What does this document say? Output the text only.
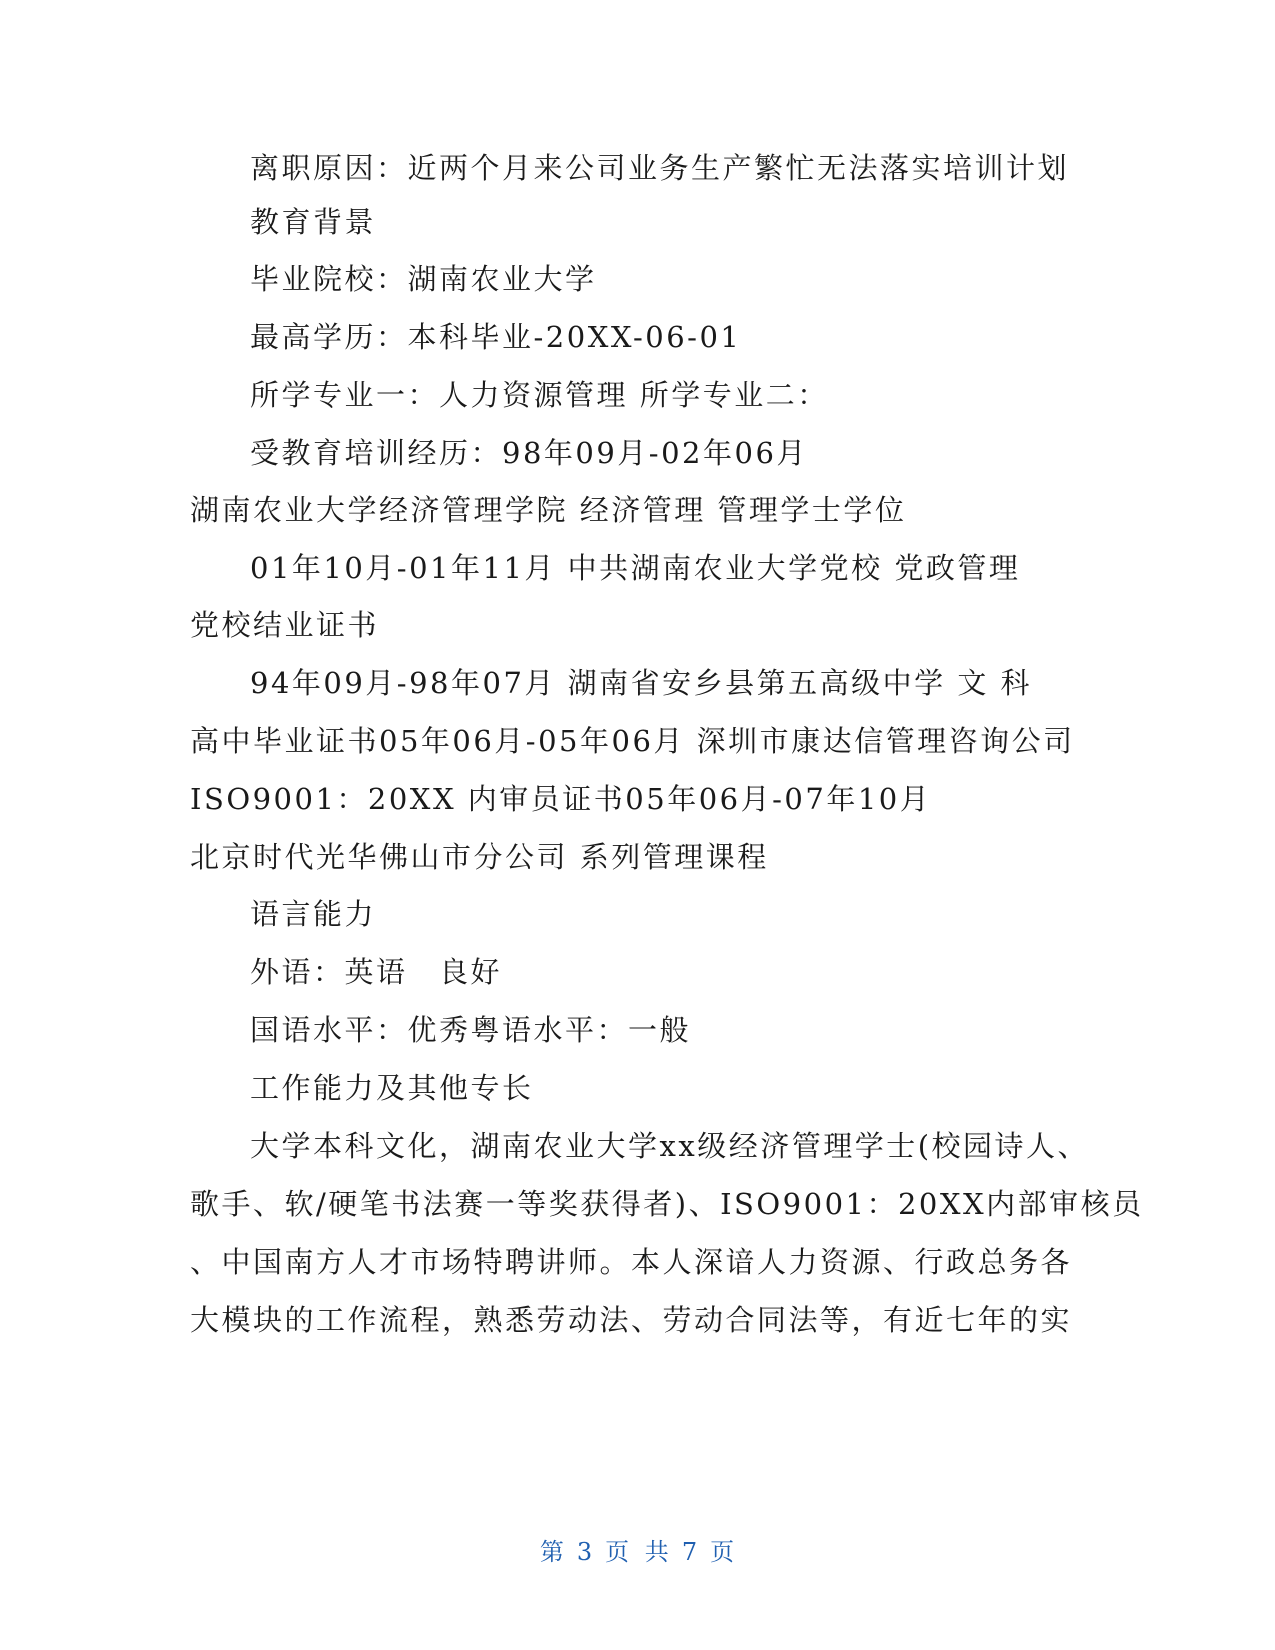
离职原因：近两个月来公司业务生产繁忙无法落实培训计划
教育背景
毕业院校：湖南农业大学
最高学历：本科毕业-20XX-06-01
所学专业一：人力资源管理 所学专业二：
受教育培训经历：98年09月-02年06月
湖南农业大学经济管理学院 经济管理 管理学士学位
01年10月-01年11月 中共湖南农业大学党校 党政管理
党校结业证书
94年09月-98年07月 湖南省安乡县第五高级中学 文 科
高中毕业证书05年06月-05年06月 深圳市康达信管理咨询公司
ISO9001：20XX 内审员证书05年06月-07年10月
北京时代光华佛山市分公司 系列管理课程
语言能力
外语：英语　良好
国语水平：优秀粤语水平：一般
工作能力及其他专长
大学本科文化，湖南农业大学xx级经济管理学士(校园诗人、
歌手、软/硬笔书法赛一等奖获得者)、ISO9001：20XX内部审核员
、中国南方人才市场特聘讲师。本人深谙人力资源、行政总务各
大模块的工作流程，熟悉劳动法、劳动合同法等，有近七年的实
第 3 页 共 7 页
